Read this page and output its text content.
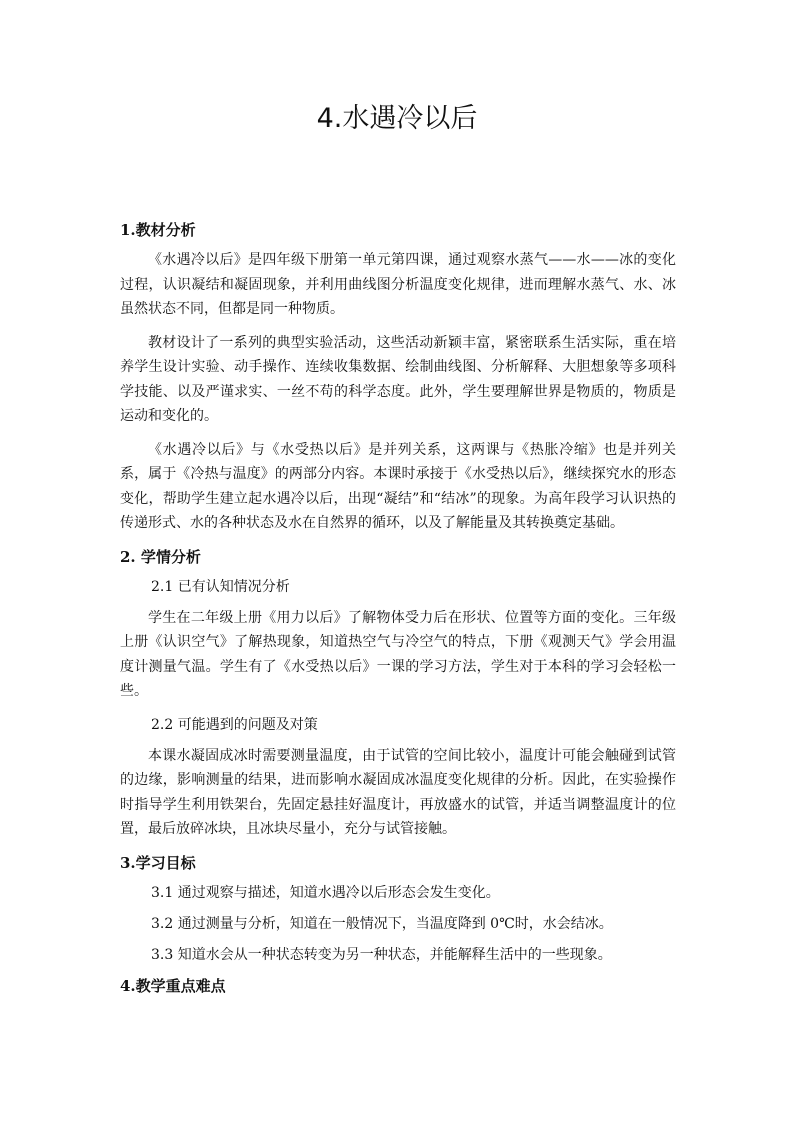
4.水遇冷以后
1.教材分析

《水遇冷以后》是四年级下册第一单元第四课，通过观察水蒸气——水——冰的变化过程，认识凝结和凝固现象，并利用曲线图分析温度变化规律，进而理解水蒸气、水、冰虽然状态不同，但都是同一种物质。

教材设计了一系列的典型实验活动，这些活动新颖丰富，紧密联系生活实际，重在培养学生设计实验、动手操作、连续收集数据、绘制曲线图、分析解释、大胆想象等多项科学技能、以及严谨求实、一丝不苟的科学态度。此外，学生要理解世界是物质的，物质是运动和变化的。

《水遇冷以后》与《水受热以后》是并列关系，这两课与《热胀冷缩》也是并列关系，属于《冷热与温度》的两部分内容。本课时承接于《水受热以后》，继续探究水的形态变化，帮助学生建立起水遇冷以后，出现“凝结”和“结冰”的现象。为高年段学习认识热的传递形式、水的各种状态及水在自然界的循环，以及了解能量及其转换奠定基础。

2. 学情分析
2.1 已有认知情况分析

学生在二年级上册《用力以后》了解物体受力后在形状、位置等方面的变化。三年级上册《认识空气》了解热现象，知道热空气与冷空气的特点，下册《观测天气》学会用温度计测量气温。学生有了《水受热以后》一课的学习方法，学生对于本科的学习会轻松一些。

2.2 可能遇到的问题及对策

本课水凝固成冰时需要测量温度，由于试管的空间比较小，温度计可能会触碰到试管的边缘，影响测量的结果，进而影响水凝固成冰温度变化规律的分析。因此，在实验操作时指导学生利用铁架台，先固定悬挂好温度计，再放盛水的试管，并适当调整温度计的位置，最后放碎冰块，且冰块尽量小，充分与试管接触。

3.学习目标
3.1 通过观察与描述，知道水遇冷以后形态会发生变化。
3.2 通过测量与分析，知道在一般情况下，当温度降到 0℃时，水会结冰。
3.3 知道水会从一种状态转变为另一种状态，并能解释生活中的一些现象。
4.教学重点难点
